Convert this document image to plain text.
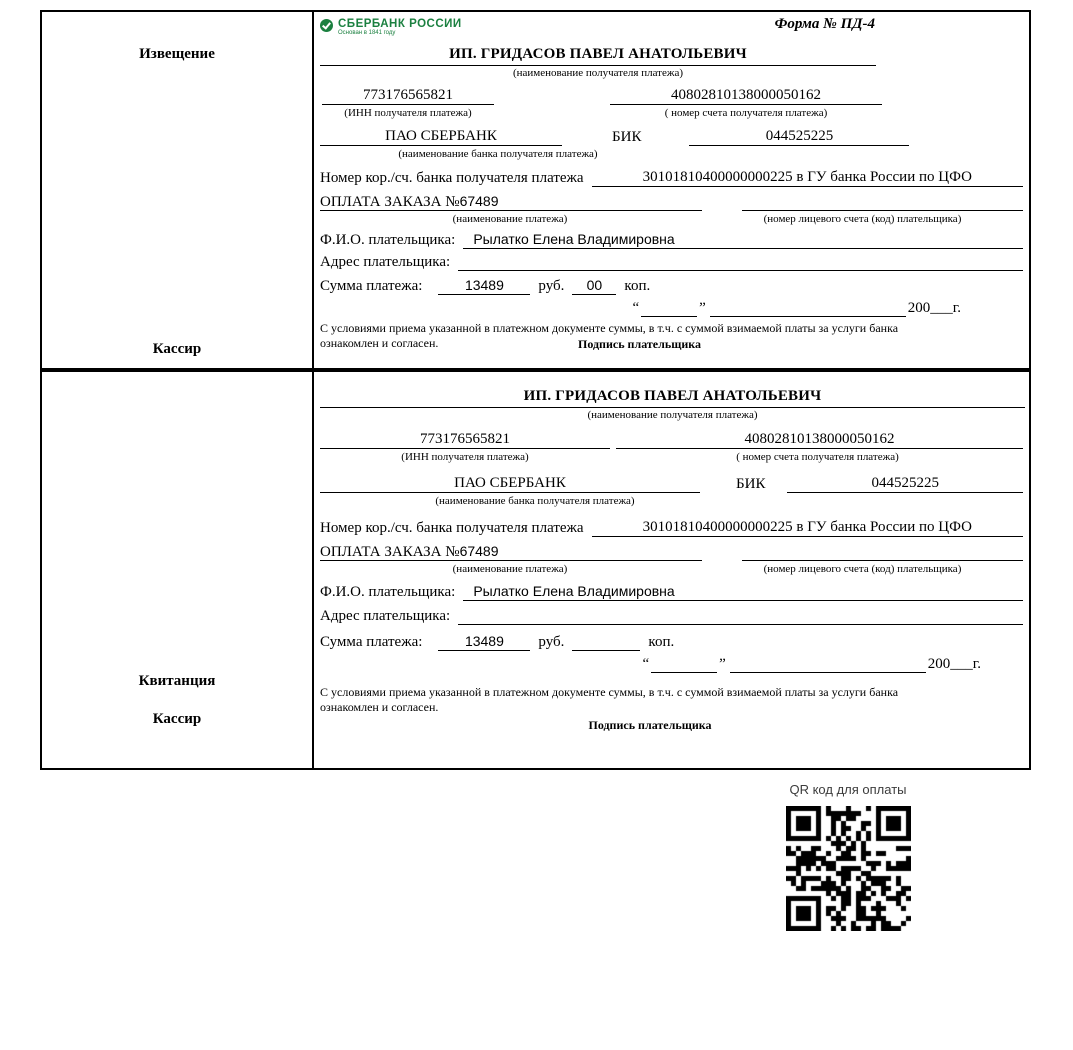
Извещение
Кассир
СБЕРБАНК РОССИИ
Основан в 1841 году
Форма № ПД-4
ИП. ГРИДАСОВ ПАВЕЛ АНАТОЛЬЕВИЧ
(наименование получателя платежа)
773176565821	40802810138000050162
(ИНН получателя платежа)	( номер счета получателя платежа)
ПАО СБЕРБАНК	БИК	044525225
(наименование банка получателя платежа)
Номер кор./сч. банка получателя платежа	30101810400000000225 в ГУ банка России по ЦФО
ОПЛАТА ЗАКАЗА №67489
(наименование платежа)	(номер лицевого счета (код) плательщика)
Ф.И.О. плательщика:	Рылатко Елена Владимировна
Адрес плательщика:
Сумма платежа:	13489	руб.	00	коп.
“	”	200___г.
С условиями приема указанной в платежном документе суммы, в т.ч. с суммой взимаемой платы за услуги банка ознакомлен и согласен.	Подпись плательщика
Квитанция
Кассир
ИП. ГРИДАСОВ ПАВЕЛ АНАТОЛЬЕВИЧ
(наименование получателя платежа)
773176565821	40802810138000050162
(ИНН получателя платежа)	( номер счета получателя платежа)
ПАО СБЕРБАНК	БИК	044525225
(наименование банка получателя платежа)
Номер кор./сч. банка получателя платежа	30101810400000000225 в ГУ банка России по ЦФО
ОПЛАТА ЗАКАЗА №67489
(наименование платежа)	(номер лицевого счета (код) плательщика)
Ф.И.О. плательщика:	Рылатко Елена Владимировна
Адрес плательщика:
Сумма платежа:	13489	руб.	коп.
“	”	200___г.
С условиями приема указанной в платежном документе суммы, в т.ч. с суммой взимаемой платы за услуги банка ознакомлен и согласен.
Подпись плательщика
QR код для оплаты
